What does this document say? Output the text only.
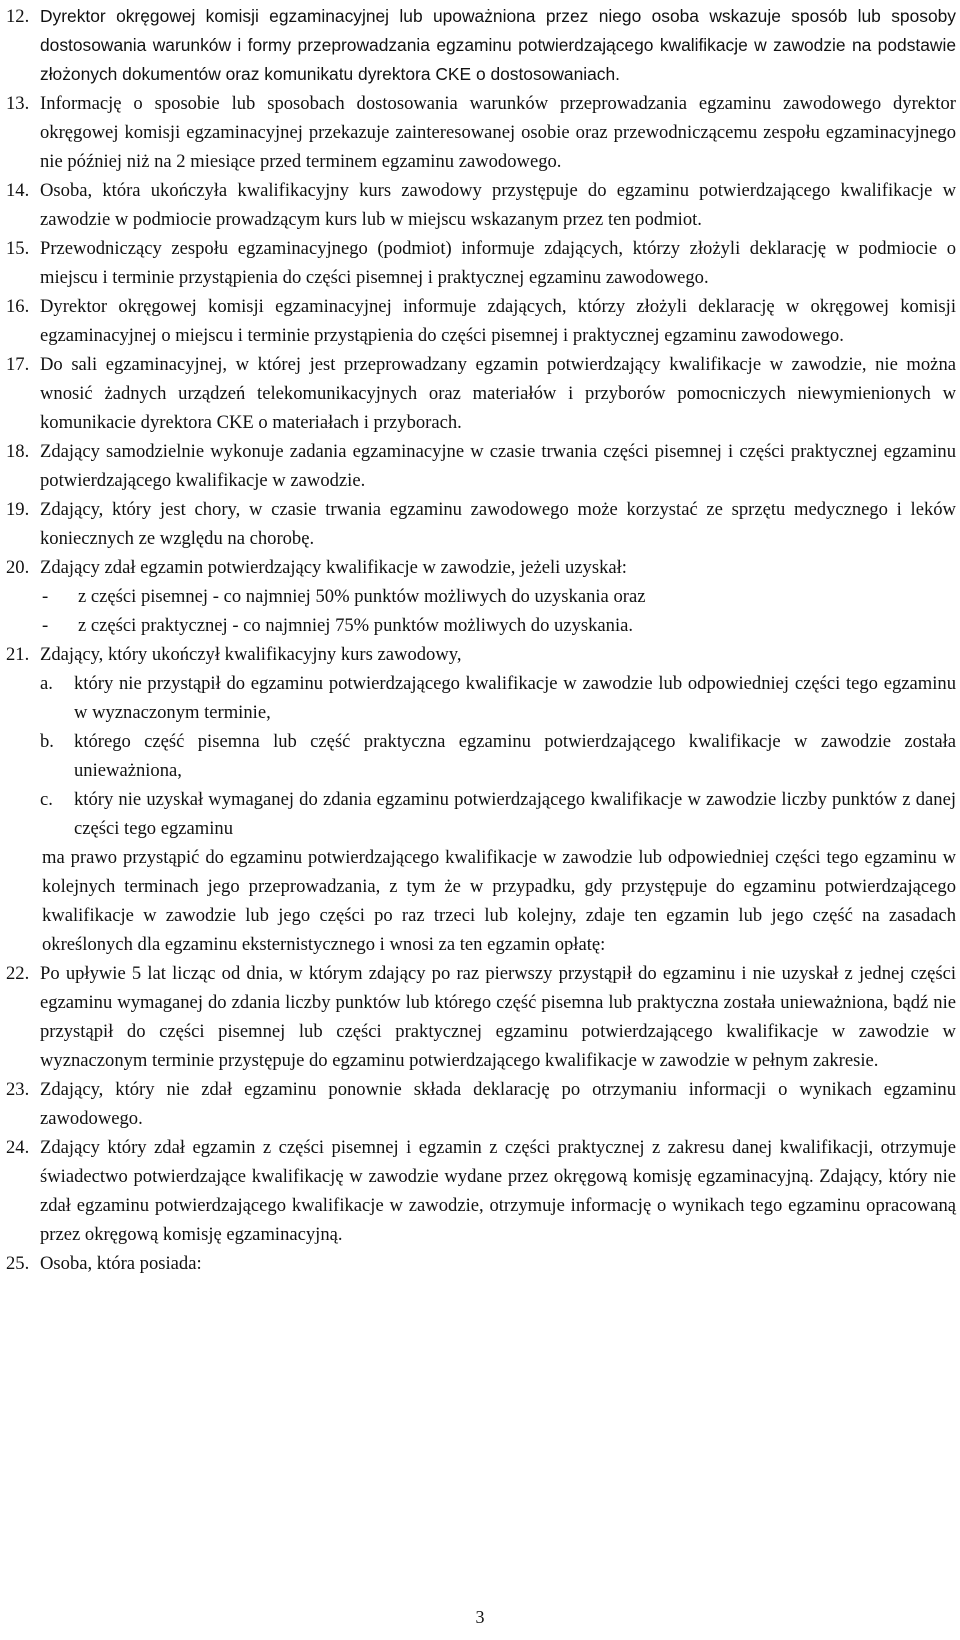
12. Dyrektor okręgowej komisji egzaminacyjnej lub upoważniona przez niego osoba wskazuje sposób lub sposoby dostosowania warunków i formy przeprowadzania egzaminu potwierdzającego kwalifikacje w zawodzie na podstawie złożonych dokumentów oraz komunikatu dyrektora CKE o dostosowaniach.
13. Informację o sposobie lub sposobach dostosowania warunków przeprowadzania egzaminu zawodowego dyrektor okręgowej komisji egzaminacyjnej przekazuje zainteresowanej osobie oraz przewodniczącemu zespołu egzaminacyjnego nie później niż na 2 miesiące przed terminem egzaminu zawodowego.
14. Osoba, która ukończyła kwalifikacyjny kurs zawodowy przystępuje do egzaminu potwierdzającego kwalifikacje w zawodzie w podmiocie prowadzącym kurs lub w miejscu wskazanym przez ten podmiot.
15. Przewodniczący zespołu egzaminacyjnego (podmiot) informuje zdających, którzy złożyli deklarację w podmiocie o miejscu i terminie przystąpienia do części pisemnej i praktycznej egzaminu zawodowego.
16. Dyrektor okręgowej komisji egzaminacyjnej informuje zdających, którzy złożyli deklarację w okręgowej komisji egzaminacyjnej o miejscu i terminie przystąpienia do części pisemnej i praktycznej egzaminu zawodowego.
17. Do sali egzaminacyjnej, w której jest przeprowadzany egzamin potwierdzający kwalifikacje w zawodzie, nie można wnosić żadnych urządzeń telekomunikacyjnych oraz materiałów i przyborów pomocniczych niewymienionych w komunikacie dyrektora CKE o materiałach i przyborach.
18. Zdający samodzielnie wykonuje zadania egzaminacyjne w czasie trwania części pisemnej i części praktycznej egzaminu potwierdzającego kwalifikacje w zawodzie.
19. Zdający, który jest chory, w czasie trwania egzaminu zawodowego może korzystać ze sprzętu medycznego i leków koniecznych ze względu na chorobę.
20. Zdający zdał egzamin potwierdzający kwalifikacje w zawodzie, jeżeli uzyskał:
-	z części pisemnej - co najmniej 50% punktów możliwych do uzyskania oraz
-	z części praktycznej - co najmniej 75% punktów możliwych do uzyskania.
21. Zdający, który ukończył kwalifikacyjny kurs zawodowy,
a.	który nie przystąpił do egzaminu potwierdzającego kwalifikacje w zawodzie lub odpowiedniej części tego egzaminu w wyznaczonym terminie,
b.	którego część pisemna lub część praktyczna egzaminu potwierdzającego kwalifikacje w zawodzie została unieważniona,
c.	który nie uzyskał wymaganej do zdania egzaminu potwierdzającego kwalifikacje w zawodzie liczby punktów z danej części tego egzaminu
ma prawo przystąpić do egzaminu potwierdzającego kwalifikacje w zawodzie lub odpowiedniej części tego egzaminu w kolejnych terminach jego przeprowadzania, z tym że w przypadku, gdy przystępuje do egzaminu potwierdzającego kwalifikacje w zawodzie lub jego części po raz trzeci lub kolejny, zdaje ten egzamin lub jego część na zasadach określonych dla egzaminu eksternistycznego i wnosi za ten egzamin opłatę:
22. Po upływie 5 lat licząc od dnia, w którym zdający po raz pierwszy przystąpił do egzaminu i nie uzyskał z jednej części egzaminu wymaganej do zdania liczby punktów lub którego część pisemna lub praktyczna została unieważniona, bądź nie przystąpił do części pisemnej lub części praktycznej egzaminu potwierdzającego kwalifikacje w zawodzie w wyznaczonym terminie przystępuje do egzaminu potwierdzającego kwalifikacje w zawodzie w pełnym zakresie.
23. Zdający, który nie zdał egzaminu ponownie składa deklarację po otrzymaniu informacji o wynikach egzaminu zawodowego.
24. Zdający który zdał egzamin z części pisemnej i egzamin z części praktycznej z zakresu danej kwalifikacji, otrzymuje świadectwo potwierdzające kwalifikację w zawodzie wydane przez okręgową komisję egzaminacyjną. Zdający, który nie zdał egzaminu potwierdzającego kwalifikacje w zawodzie, otrzymuje informację o wynikach tego egzaminu opracowaną przez okręgową komisję egzaminacyjną.
25. Osoba, która posiada:
3
